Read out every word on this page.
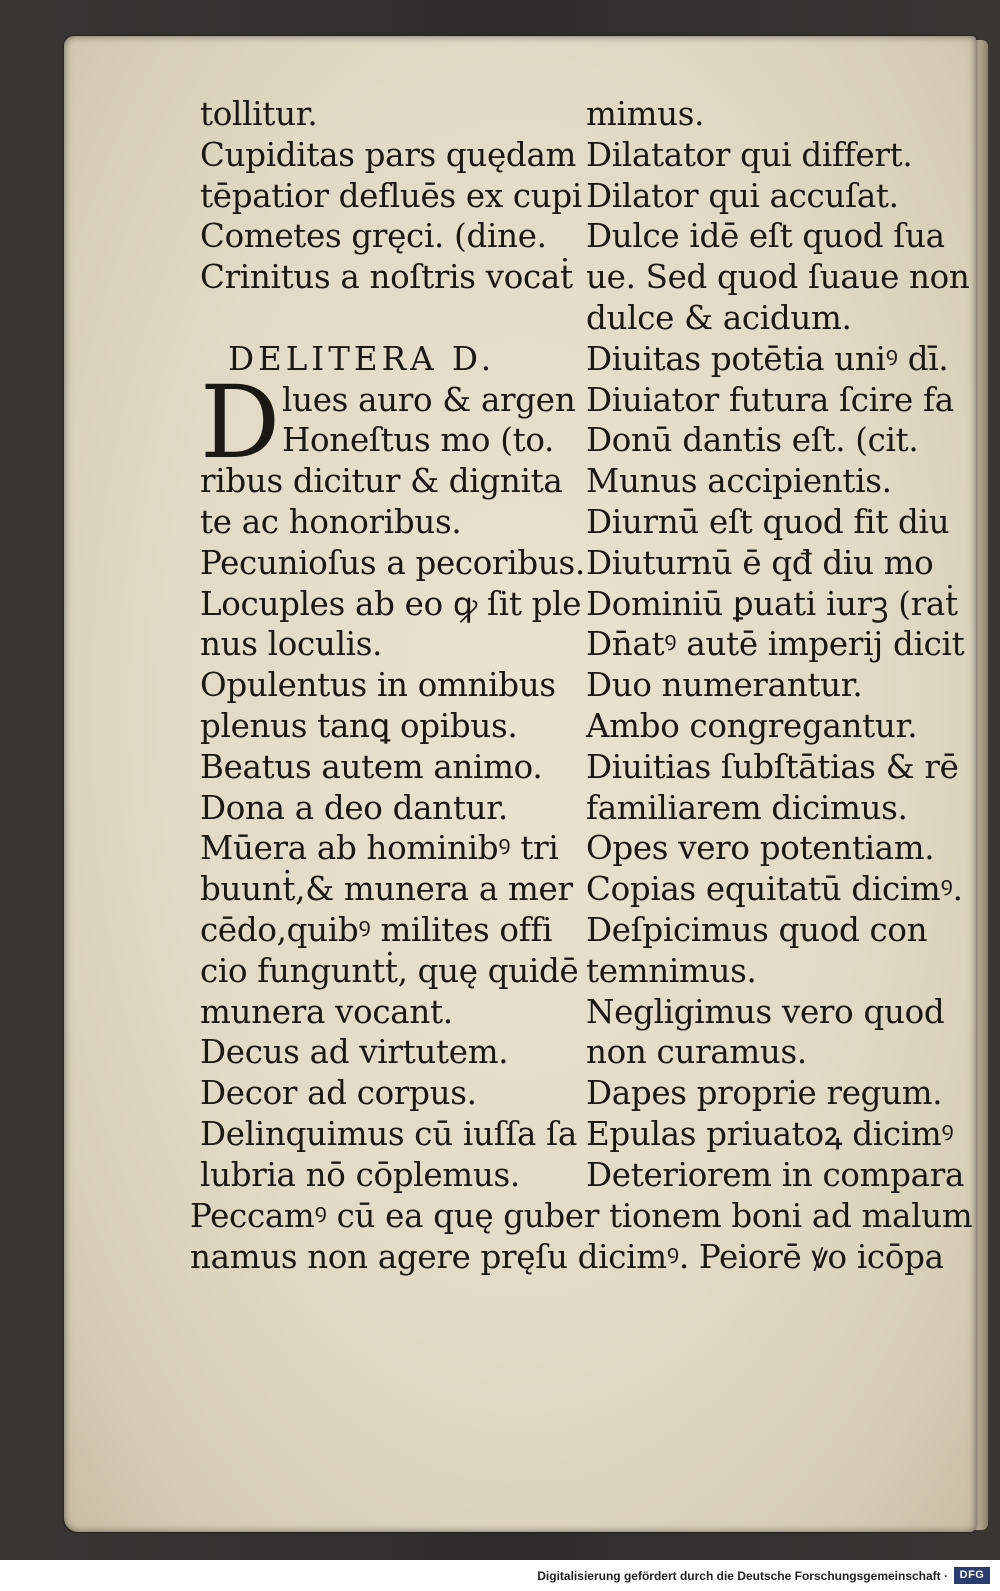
tollitur.
Cupiditas pars quędam
tēpatior defluēs ex cupi
Cometes gręci. (dine.
Crinitus a noſtris vocaṫ
DELITERA D.
lues auro & argen
Honeſtus mo (to.
ribus dicitur & dignita
te ac honoribus.
Pecunioſus a pecoribus.
Locuples ab eo ꝙ ſit ple
nus loculis.
Opulentus in omnibus
plenus tanꝗ opibus.
Beatus autem animo.
Dona a deo dantur.
Mūera ab hominibꝰ tri
buunṫ,& munera a mer
cēdo,quibꝰ milites offi
cio funguntṫ, quę quidē
munera vocant.
Decus ad virtutem.
Decor ad corpus.
Delinquimus cū iuſſa ſa
lubria nō cōplemus.
D
mimus.
Dilatator qui differt.
Dilator qui accuſat.
Dulce idē eſt quod ſua
ue. Sed quod ſuaue non
dulce & acidum.
Diuitas potētia uniꝰ dī.
Diuiator futura ſcire fa
Donū dantis eſt. (cit.
Munus accipientis.
Diurnū eſt quod fit diu
Diuturnū ē qđ diu mo
Dominiū ꝑuati iurꝫ (raṫ
Dn̄atꝰ autē imperij dicit
Duo numerantur.
Ambo congregantur.
Diuitias ſubſtātias & rē
familiarem dicimus.
Opes vero potentiam.
Copias equitatū dicimꝰ.
Deſpicimus quod con
temnimus.
Negligimus vero quod
non curamus.
Dapes proprie regum.
Epulas priuatoꝝ dicimꝰ
Deteriorem in compara
Peccamꝰ cū ea quę guber tionem boni ad malum
namus non agere pręſu dicimꝰ. Peiorē ꝟo icōpa
Digitalisierung gefördert durch die Deutsche Forschungsgemeinschaft ·	DFG
